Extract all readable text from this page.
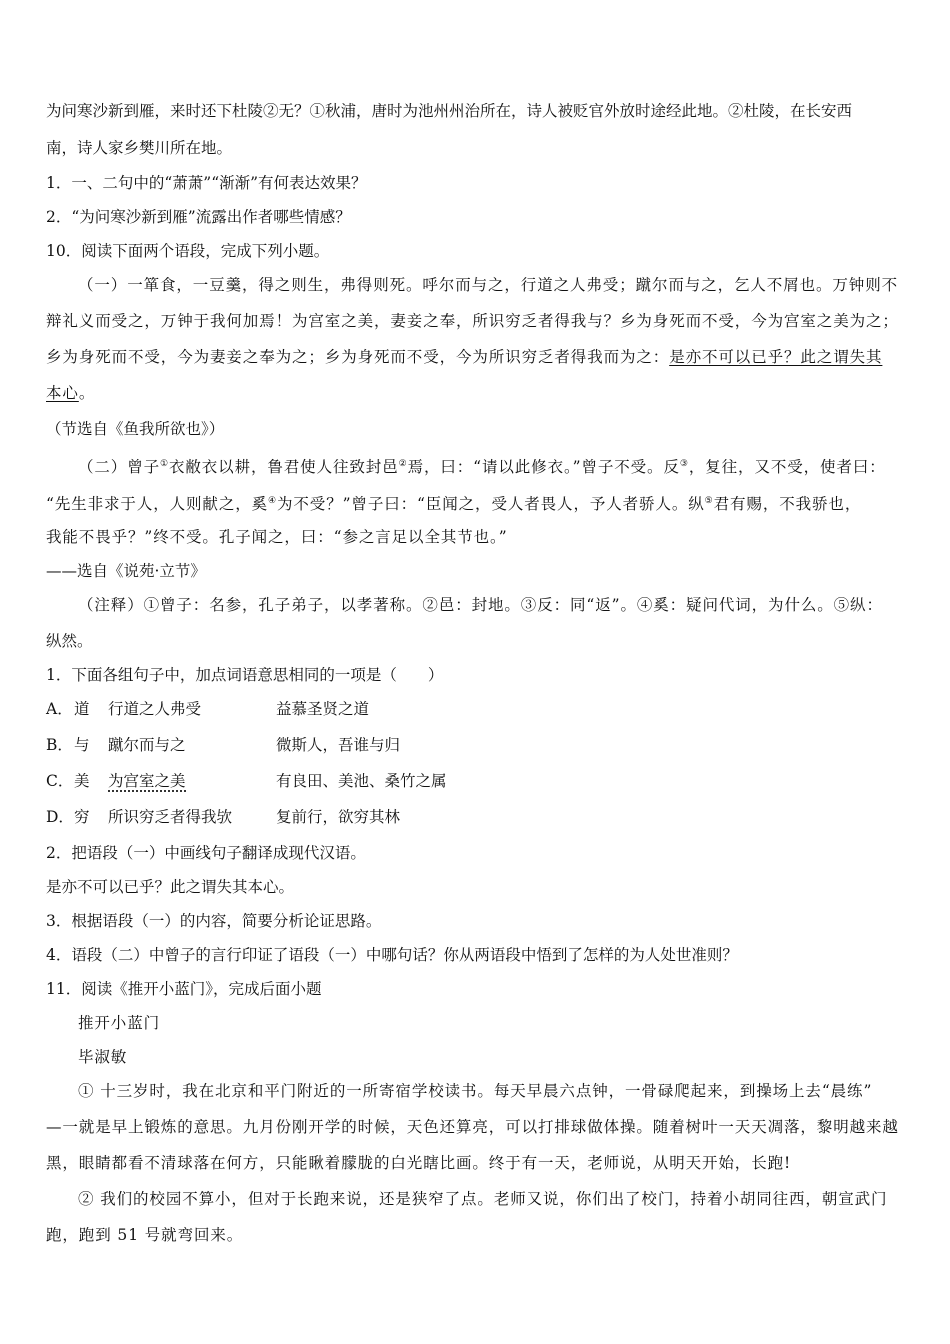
为问寒沙新到雁，来时还下杜陵②无？①秋浦，唐时为池州州治所在，诗人被贬官外放时途经此地。②杜陵，在长安西
南，诗人家乡樊川所在地。
1．一、二句中的“萧萧”“渐渐”有何表达效果？
2．“为问寒沙新到雁”流露出作者哪些情感？
10．阅读下面两个语段，完成下列小题。
（一）一箪食，一豆羹，得之则生，弗得则死。呼尔而与之，行道之人弗受；蹴尔而与之，乞人不屑也。万钟则不
辩礼义而受之，万钟于我何加焉！为宫室之美，妻妾之奉，所识穷乏者得我与？乡为身死而不受，今为宫室之美为之；
乡为身死而不受，今为妻妾之奉为之；乡为身死而不受，今为所识穷乏者得我而为之：是亦不可以已乎？此之谓失其
本心。
（节选自《鱼我所欲也》）
（二）曾子①衣敝衣以耕，鲁君使人往致封邑②焉，曰：“请以此修衣。”曾子不受。反③，复往，又不受，使者曰：
“先生非求于人，人则献之，奚④为不受？”曾子曰：“臣闻之，受人者畏人，予人者骄人。纵⑤君有赐，不我骄也，
我能不畏乎？”终不受。孔子闻之，曰：“参之言足以全其节也。”
——选自《说苑·立节》
（注释）①曾子：名参，孔子弟子，以孝著称。②邑：封地。③反：同“返”。④奚：疑问代词，为什么。⑤纵：
纵然。
1．下面各组句子中，加点词语意思相同的一项是（　　）
A．道 行道之人弗受	益慕圣贤之道
B．与 蹴尔而与之	微斯人，吾谁与归
C．美 为宫室之美	有良田、美池、桑竹之属
D．穷 所识穷乏者得我欤	复前行，欲穷其林
2．把语段（一）中画线句子翻译成现代汉语。
是亦不可以已乎？此之谓失其本心。
3．根据语段（一）的内容，简要分析论证思路。
4．语段（二）中曾子的言行印证了语段（一）中哪句话？你从两语段中悟到了怎样的为人处世准则？
11．阅读《推开小蓝门》，完成后面小题
推开小蓝门
毕淑敏
① 十三岁时，我在北京和平门附近的一所寄宿学校读书。每天早晨六点钟，一骨碌爬起来，到操场上去“晨练”
—一就是早上锻炼的意思。九月份刚开学的时候，天色还算亮，可以打排球做体操。随着树叶一天天凋落，黎明越来越
黑，眼睛都看不清球落在何方，只能瞅着朦胧的白光瞎比画。终于有一天，老师说，从明天开始，长跑!
② 我们的校园不算小，但对于长跑来说，还是狭窄了点。老师又说，你们出了校门，持着小胡同往西，朝宣武门
跑，跑到 51 号就弯回来。
